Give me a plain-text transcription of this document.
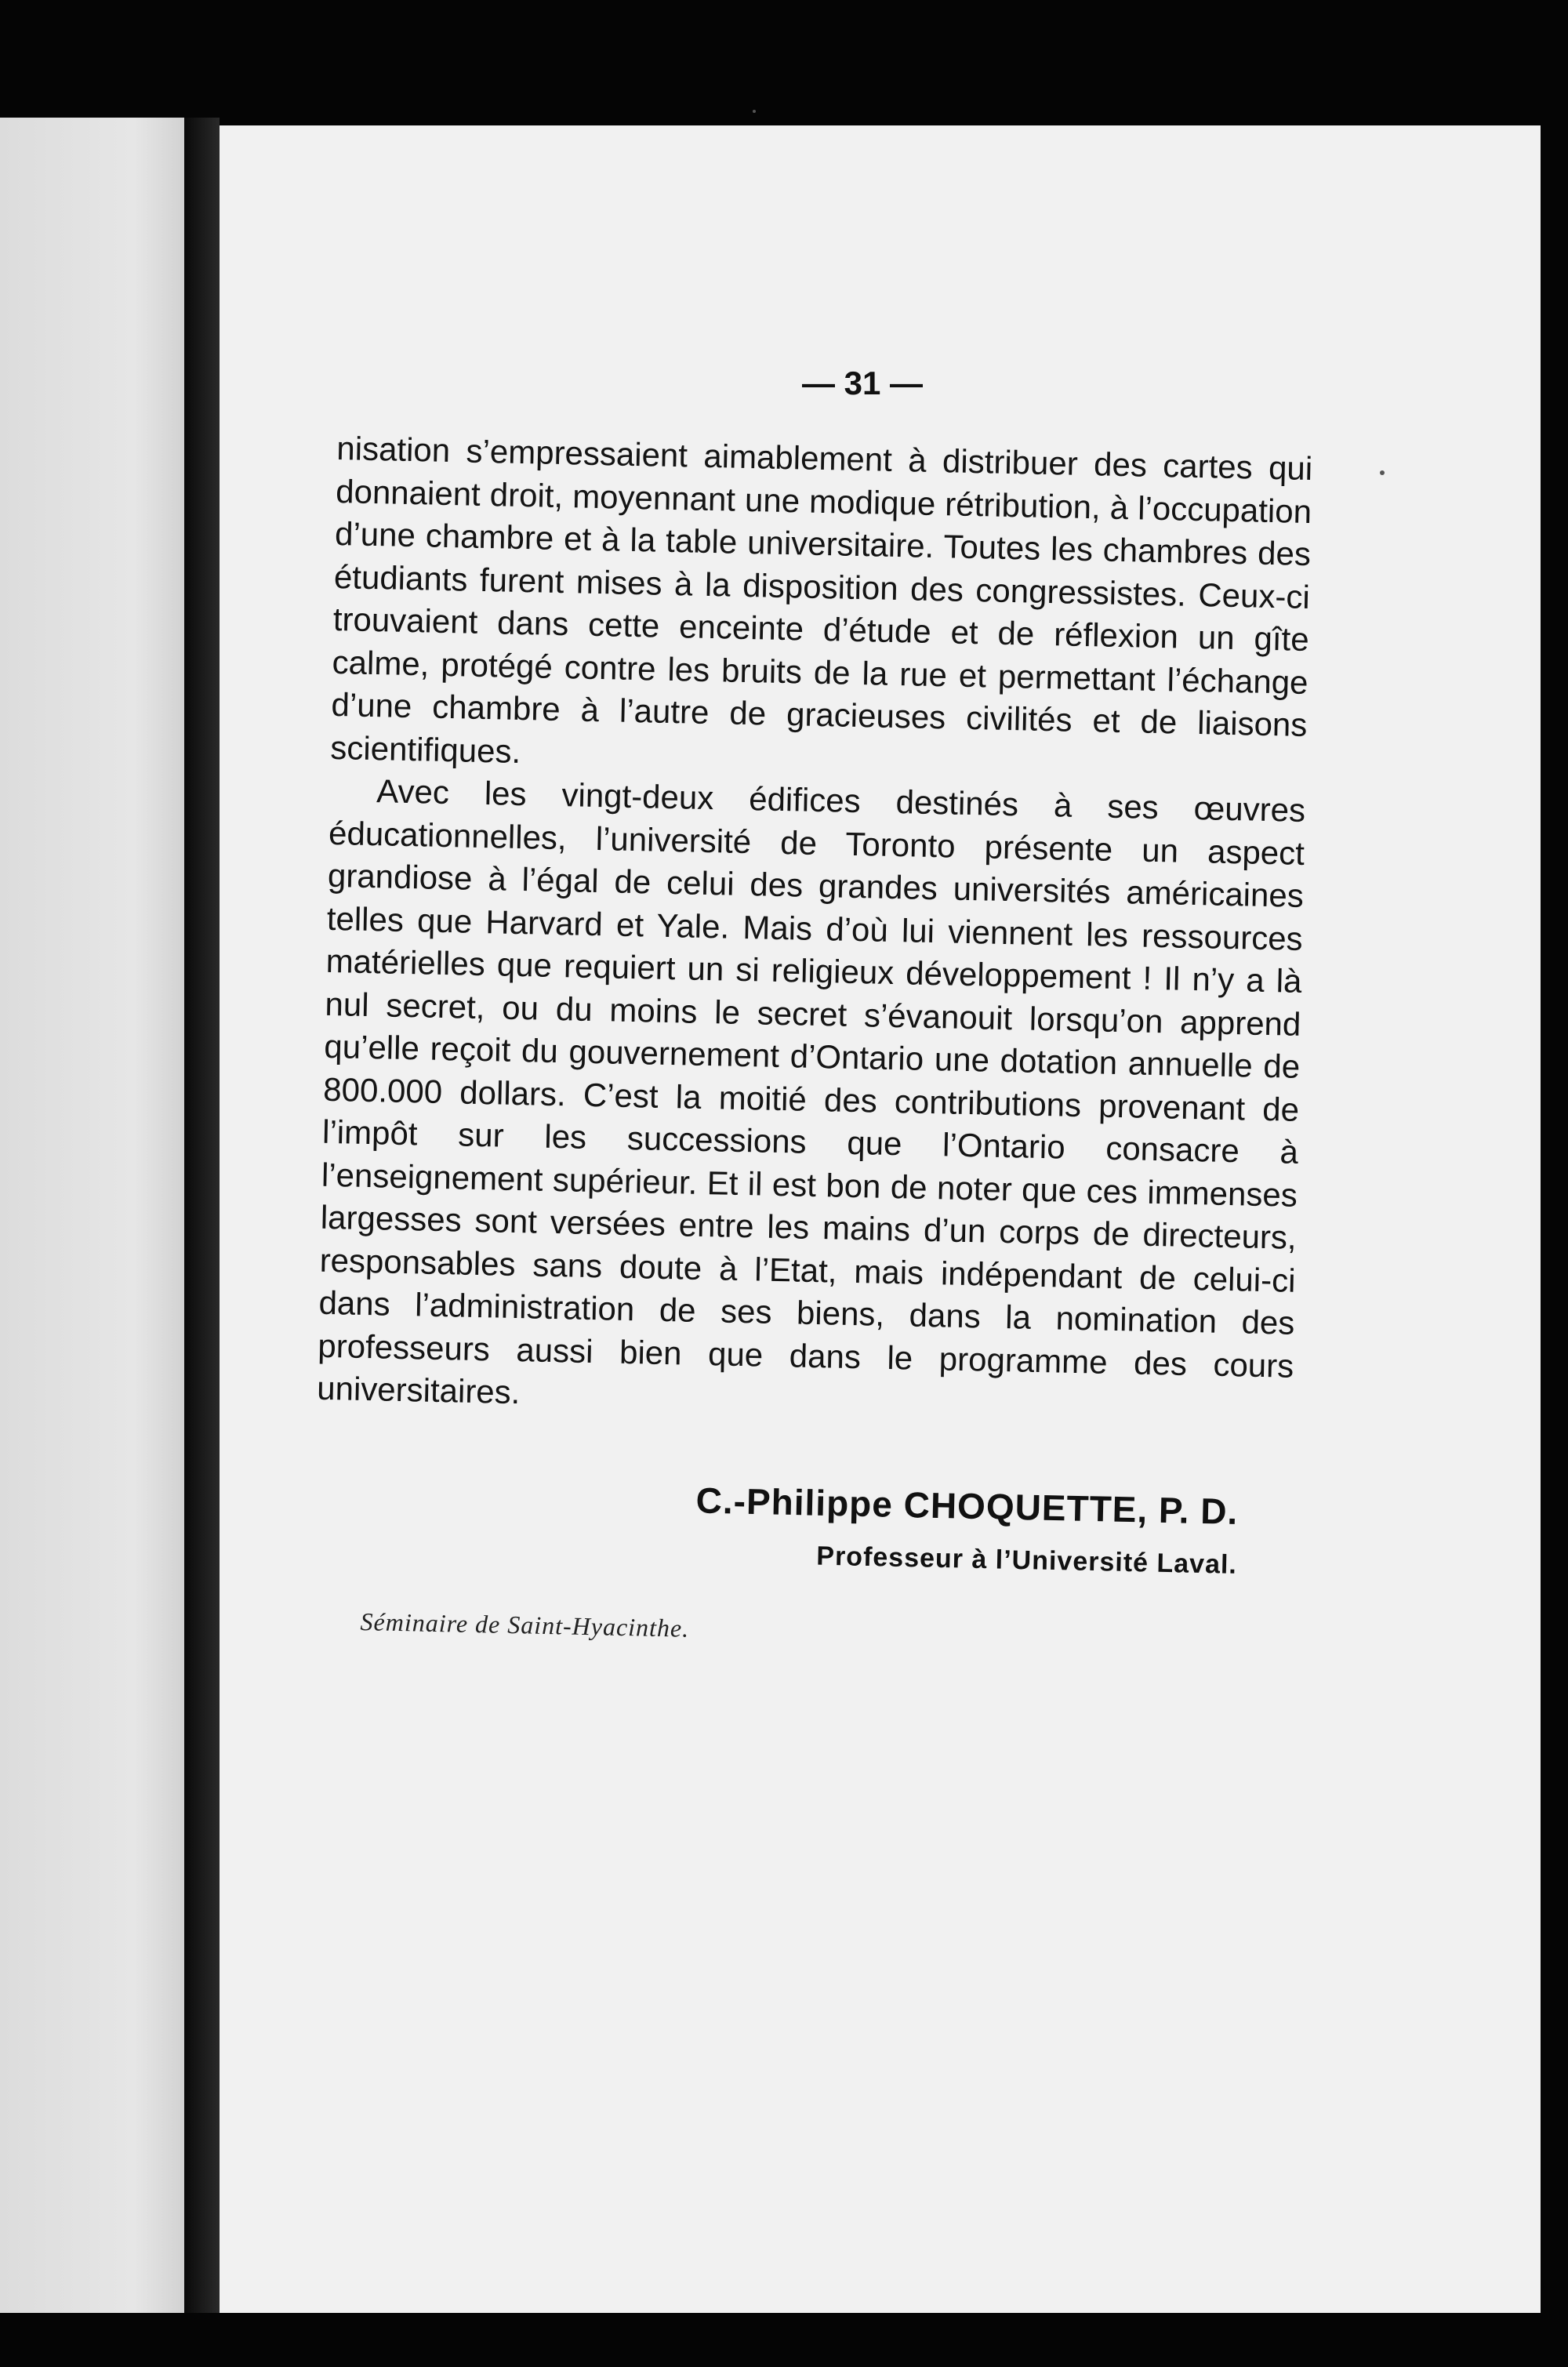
— 31 —

nisation s’empressaient aimablement à distribuer des cartes qui donnaient droit, moyennant une modique rétribution, à l’occupation d’une chambre et à la table universitaire. Toutes les chambres des étudiants furent mises à la disposition des congressistes. Ceux-ci trouvaient dans cette enceinte d’étude et de réflexion un gîte calme, protégé contre les bruits de la rue et permettant l’échange d’une chambre à l’autre de gracieuses civilités et de liaisons scientifiques.

Avec les vingt-deux édifices destinés à ses œuvres éducationnelles, l’université de Toronto présente un aspect grandiose à l’égal de celui des grandes universités américaines telles que Harvard et Yale. Mais d’où lui viennent les ressources matérielles que requiert un si religieux développement ! Il n’y a là nul secret, ou du moins le secret s’évanouit lorsqu’on apprend qu’elle reçoit du gouvernement d’Ontario une dotation annuelle de 800.000 dollars. C’est la moitié des contributions provenant de l’impôt sur les successions que l’Ontario consacre à l’enseignement supérieur. Et il est bon de noter que ces immenses largesses sont versées entre les mains d’un corps de directeurs, responsables sans doute à l’Etat, mais indépendant de celui-ci dans l’administration de ses biens, dans la nomination des professeurs aussi bien que dans le programme des cours universitaires.

C.-Philippe CHOQUETTE, P. D.
Professeur à l’Université Laval.
Séminaire de Saint-Hyacinthe.
